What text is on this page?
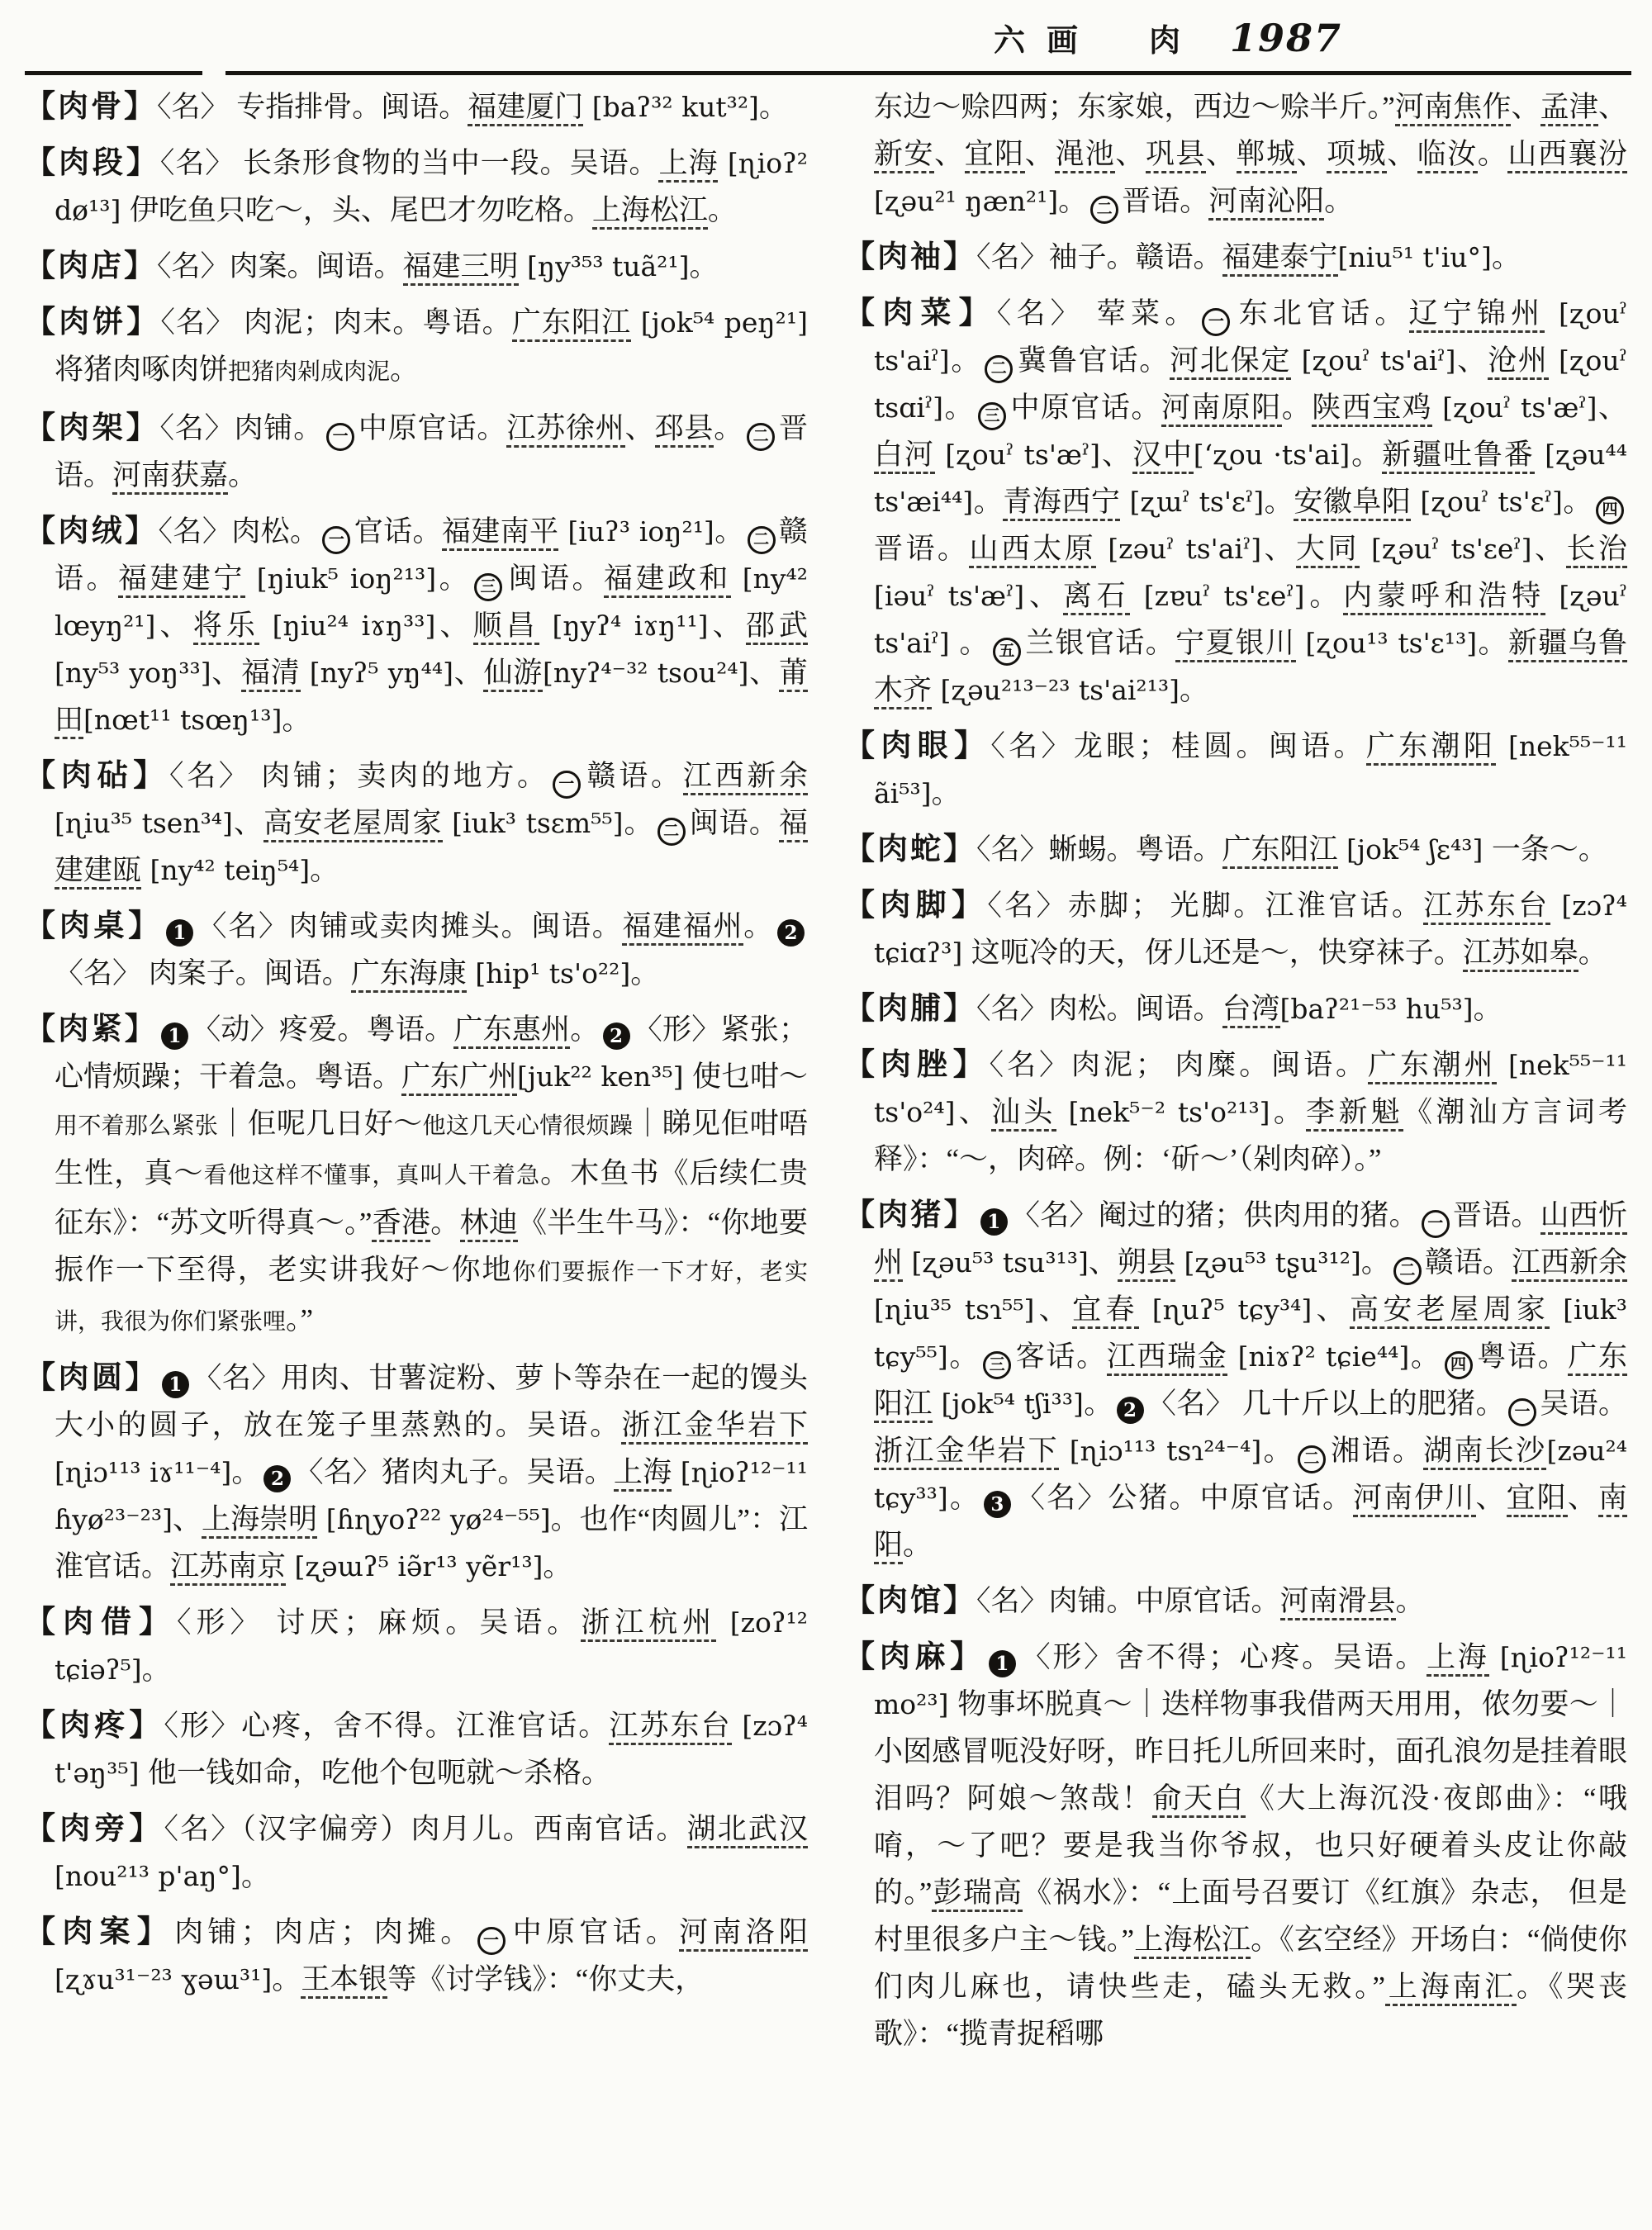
六画 肉 1987

【肉骨】〈名〉 专指排骨。闽语。福建厦门 [baʔ³² kut³²]。

【肉段】〈名〉 长条形食物的当中一段。吴语。上海 [ɳioʔ² dø¹³] 伊吃鱼只吃～，头、尾巴才勿吃格。上海松江。

【肉店】〈名〉肉案。闽语。福建三明 [ŋy³⁵³ tuã²¹]。

【肉饼】〈名〉 肉泥；肉末。粤语。广东阳江 [jok⁵⁴ peŋ²¹] 将猪肉啄肉饼把猪肉剁成肉泥。

【肉架】〈名〉肉铺。 一 中原官话。江苏徐州、邳县。 二 晋语。河南获嘉。

【肉绒】〈名〉肉松。 一 官话。福建南平 [iuʔ³ ioŋ²¹]。 二 赣语。福建建宁 [ŋiuk⁵ ioŋ²¹³]。 三 闽语。福建政和 [ny⁴² lœyŋ²¹]、将乐 [ŋiu²⁴ iɤŋ³³]、顺昌 [ŋyʔ⁴ iɤŋ¹¹]、邵武 [ny⁵³ yoŋ³³]、福清 [nyʔ⁵ yŋ⁴⁴]、仙游[nyʔ⁴⁻³² tsou²⁴]、莆田[nœt¹¹ tsœŋ¹³]。

【肉砧】〈名〉 肉铺；卖肉的地方。 一 赣语。江西新余 [ɳiu³⁵ tsen³⁴]、高安老屋周家 [iuk³ tsɛm⁵⁵]。 二 闽语。福建建瓯 [ny⁴² teiŋ⁵⁴]。

【肉桌】 1 〈名〉肉铺或卖肉摊头。闽语。福建福州。 2〈名〉 肉案子。闽语。广东海康 [hip¹ ts'o²²]。

【肉紧】 1 〈动〉疼爱。粤语。广东惠州。 2 〈形〉紧张；心情烦躁；干着急。粤语。广东广州[juk²² ken³⁵] 使乜咁～用不着那么紧张｜佢呢几日好～他这几天心情很烦躁｜睇见佢咁唔生性，真～看他这样不懂事，真叫人干着急。木鱼书《后续仁贵征东》：“苏文听得真～。”香港。林迪《半生牛马》：“你地要振作一下至得，老实讲我好～你地你们要振作一下才好，老实讲，我很为你们紧张哩。”

【肉圆】 1 〈名〉用肉、甘薯淀粉、萝卜等杂在一起的馒头大小的圆子，放在笼子里蒸熟的。吴语。浙江金华岩下 [ɳiɔ¹¹³ iɤ¹¹⁻⁴]。 2 〈名〉猪肉丸子。吴语。上海 [ɳioʔ¹²⁻¹¹ ɦyø²³⁻²³]、上海崇明 [ɦɳyoʔ²² yø²⁴⁻⁵⁵]。也作“肉圆儿”：江淮官话。江苏南京 [ʐəɯʔ⁵ iə̃r¹³ yẽr¹³]。

【肉借】〈形〉 讨厌；麻烦。吴语。浙江杭州 [zoʔ¹² tɕiəʔ⁵]。

【肉疼】〈形〉心疼，舍不得。江淮官话。江苏东台 [zɔʔ⁴ t'əŋ³⁵] 他一钱如命，吃他个包呃就～杀格。

【肉旁】〈名〉（汉字偏旁）肉月儿。西南官话。湖北武汉 [nou²¹³ p'aŋ°]。

【肉案】肉铺；肉店；肉摊。 一 中原官话。河南洛阳 [ʐɤu³¹⁻²³ ɣəɯ³¹]。王本银等《讨学钱》：“你丈夫，

东边～赊四两；东家娘，西边～赊半斤。”河南焦作、孟津、新安、宜阳、渑池、巩县、郸城、项城、临汝。山西襄汾 [ʐəu²¹ ŋæn²¹]。 二 晋语。河南沁阳。

【肉袖】〈名〉袖子。赣语。福建泰宁[niu⁵¹ t'iu°]。

【肉菜】〈名〉 荤菜。 一 东北官话。辽宁锦州 [ʐouˀ ts'aiˀ]。 二 冀鲁官话。河北保定 [ʐouˀ ts'aiˀ]、沧州 [ʐouˀ tsɑiˀ]。 三 中原官话。河南原阳。陕西宝鸡 [ʐouˀ ts'æˀ]、白河 [ʐouˀ ts'æˀ]、汉中[ʻʐou ·ts'ai]。新疆吐鲁番 [ʐəu⁴⁴ ts'æi⁴⁴]。青海西宁 [ʐɯˀ ts'ɛˀ]。安徽阜阳 [ʐouˀ ts'ɛˀ]。 四晋语。山西太原 [zəuˀ ts'aiˀ]、大同 [ʐəuˀ ts'ɛeˀ]、长治 [iəuˀ ts'æˀ]、离石 [zɐuˀ ts'ɛeˀ]。内蒙呼和浩特 [ʐəuˀ ts'aiˀ] 。 五 兰银官话。宁夏银川 [ʐou¹³ ts'ɛ¹³]。新疆乌鲁木齐 [ʐəu²¹³⁻²³ ts'ai²¹³]。

【肉眼】〈名〉龙眼；桂圆。闽语。广东潮阳 [nek⁵⁵⁻¹¹ ãi⁵³]。

【肉蛇】〈名〉蜥蜴。粤语。广东阳江 [jok⁵⁴ ʃɛ⁴³] 一条～。

【肉脚】〈名〉赤脚； 光脚。江淮官话。江苏东台 [zɔʔ⁴ tɕiɑʔ³] 这呃冷的天，伢儿还是～，快穿袜子。江苏如皋。

【肉脯】〈名〉肉松。闽语。台湾[baʔ²¹⁻⁵³ hu⁵³]。

【肉脞】〈名〉肉泥； 肉糜。闽语。广东潮州 [nek⁵⁵⁻¹¹ ts'o²⁴]、汕头 [nek⁵⁻² ts'o²¹³]。李新魁《潮汕方言词考释》：“～，肉碎。例：‘斫～’（剁肉碎）。”

【肉猪】 1 〈名〉阉过的猪；供肉用的猪。 一 晋语。山西忻州 [ʐəu⁵³ tsu³¹³]、朔县 [ʐəu⁵³ tʂu³¹²]。 二 赣语。江西新余 [ɳiu³⁵ tsɿ⁵⁵]、宜春 [ɳuʔ⁵ tɕy³⁴]、高安老屋周家 [iuk³ tɕy⁵⁵]。 三 客话。江西瑞金 [niɤʔ² tɕie⁴⁴]。 四 粤语。广东阳江 [jok⁵⁴ tʃi³³]。 2 〈名〉 几十斤以上的肥猪。 一 吴语。浙江金华岩下 [ɳiɔ¹¹³ tsɿ²⁴⁻⁴]。 二 湘语。湖南长沙[zəu²⁴ tɕy³³]。 3 〈名〉公猪。中原官话。河南伊川、宜阳、南阳。

【肉馆】〈名〉肉铺。中原官话。河南滑县。

【肉麻】 1 〈形〉舍不得；心疼。吴语。上海 [ɳioʔ¹²⁻¹¹ mo²³] 物事坏脱真～｜迭样物事我借两天用用，侬勿要～｜小囡感冒呃没好呀，昨日托儿所回来时，面孔浪勿是挂着眼泪吗？阿娘～煞哉！俞天白《大上海沉没·夜郎曲》：“哦唷，～了吧？要是我当你爷叔，也只好硬着头皮让你敲的。”彭瑞高《祸水》：“上面号召要订《红旗》杂志， 但是村里很多户主～钱。”上海松江。《玄空经》开场白：“倘使你们肉儿麻也，请快些走，磕头无救。”上海南汇。《哭丧歌》：“揽青捉稻哪
